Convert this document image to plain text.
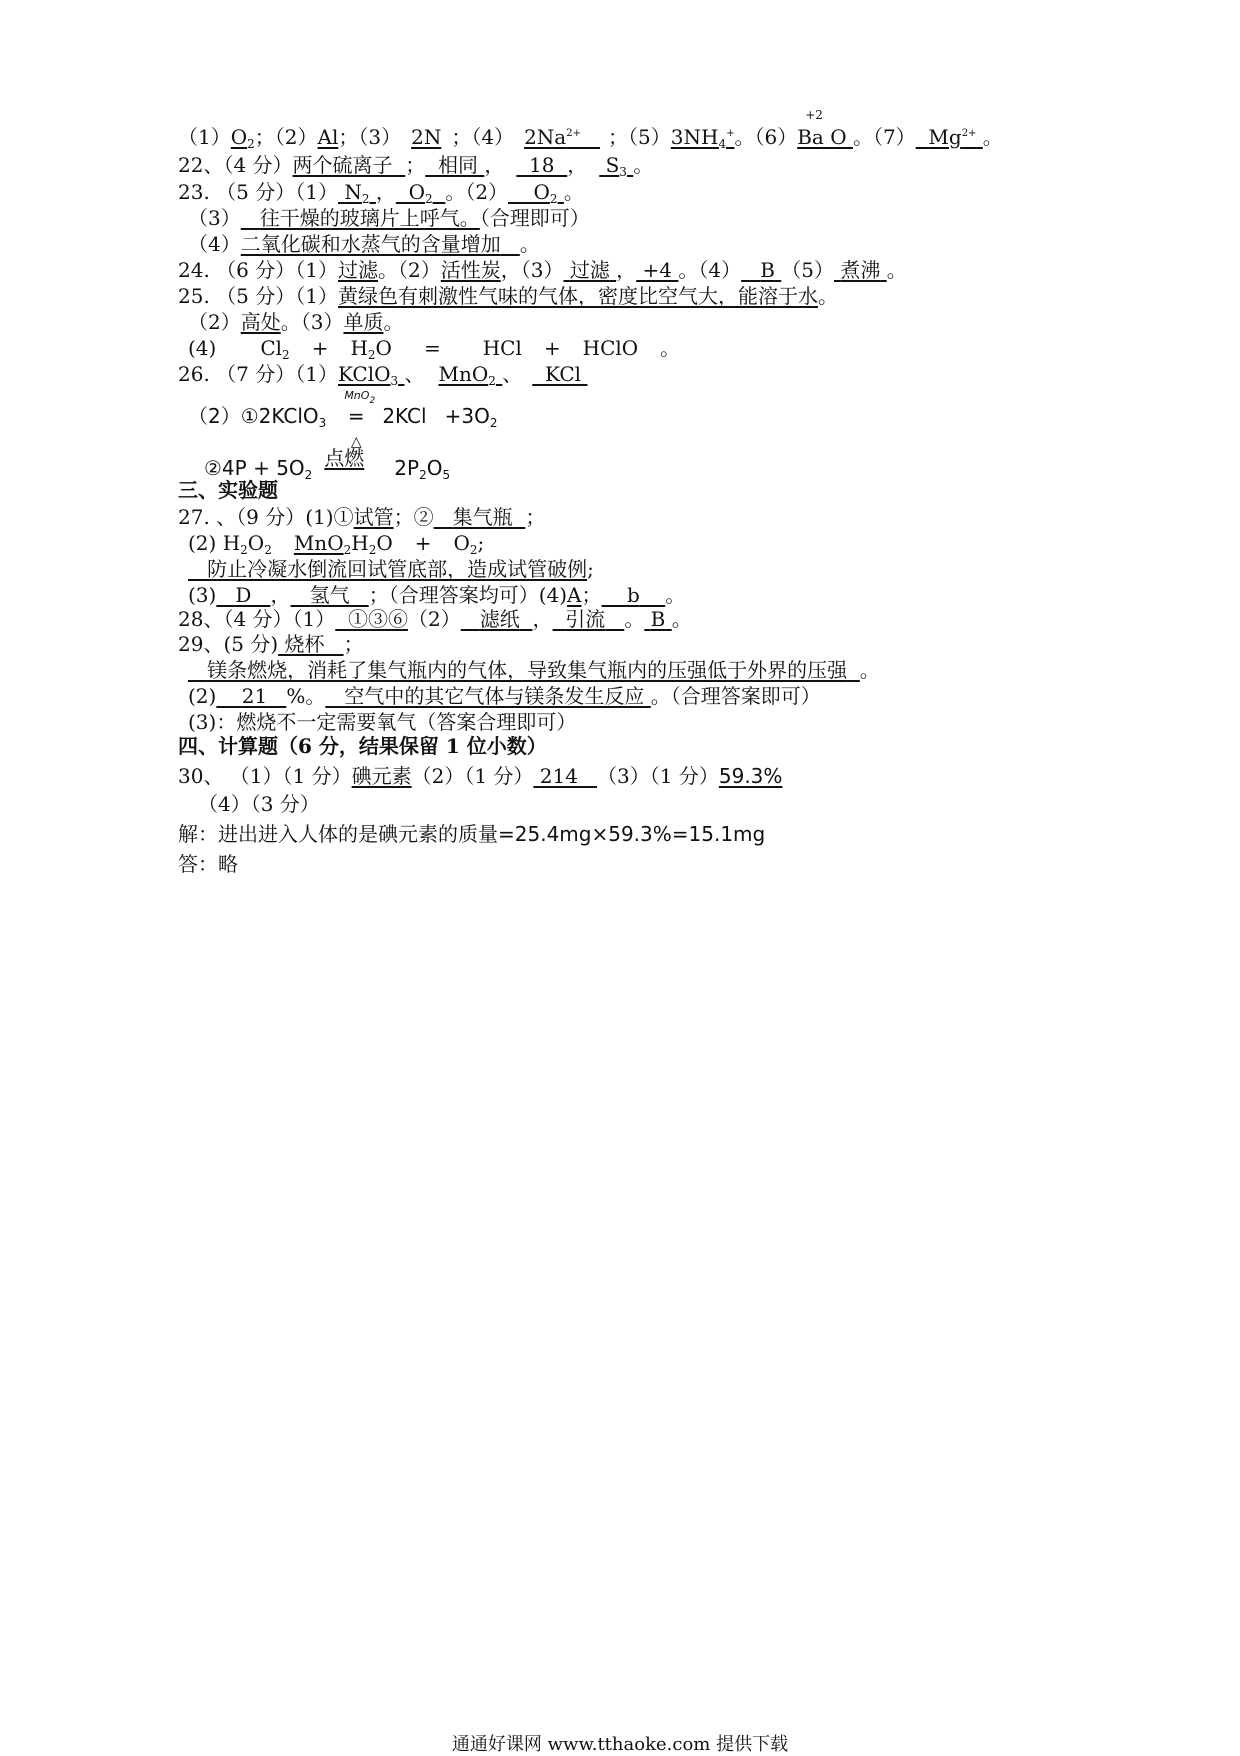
$(1)O_2$；（2）Al；（3） 2N ；（4） $2Na^{2+}$ ；$(5)3NH_4^+$。（6）
+2
Ba O 。（7） $Mg^{2+}$ 。
22、（4 分）两个硫离子 ； 相同 ， 18 ， $S_3$ 。
23. （5 分）（1） $N_2$ ， $O_2$ 。（2） $O_2$ 。
（3） 往干燥的玻璃片上呼气。（合理即可）
（4）二氧化碳和水蒸气的含量增加 。
24. （6 分）（1）过滤。（2）活性炭，（3） 过滤 ， +4 。（4） B （5） 煮沸 。
25. （5 分）（1）黄绿色有刺激性气味的气体，密度比空气大，能溶于水。
（2）高处。（3）单质。
(4) $Cl_2 + H_2O$ = HCl + HClO 。
26. （7 分）（1）KClO$_3$ 、 MnO$_2$ 、 KCl
（2）①2KClO$_3$
MnO$_2$
=
△
$2KCl +3O_2$
②4P + $5O_2$点燃 $2P_2O_5$
三、实验题
27. 、（9 分）(1)①试管；② 集气瓶 ；
(2) $H_2O_2$ $MnO_2H_2O + O_2$;
防止冷凝水倒流回试管底部，造成试管破例;
(3) D ， 氢气 ；（合理答案均可）(4)A； b 。
28、（4 分）（1） ①③⑥（2） 滤纸 ， 引流 。 B 。
29、(5 分) 烧杯 ；
镁条燃烧，消耗了集气瓶内的气体，导致集气瓶内的压强低于外界的压强 。
(2) 21 %。 空气中的其它气体与镁条发生反应 。（合理答案即可）
(3)：燃烧不一定需要氧气（答案合理即可）
四、计算题（6 分，结果保留 1 位小数）
30、 （1）（1 分）碘元素（2）（1 分） 214 （3）（1 分）59.3%
（4）（3 分）
解：进出进入人体的是碘元素的质量=25.4mg×59.3%=15.1mg
答：略
通通好课网 www.tthaoke.com 提供下载
